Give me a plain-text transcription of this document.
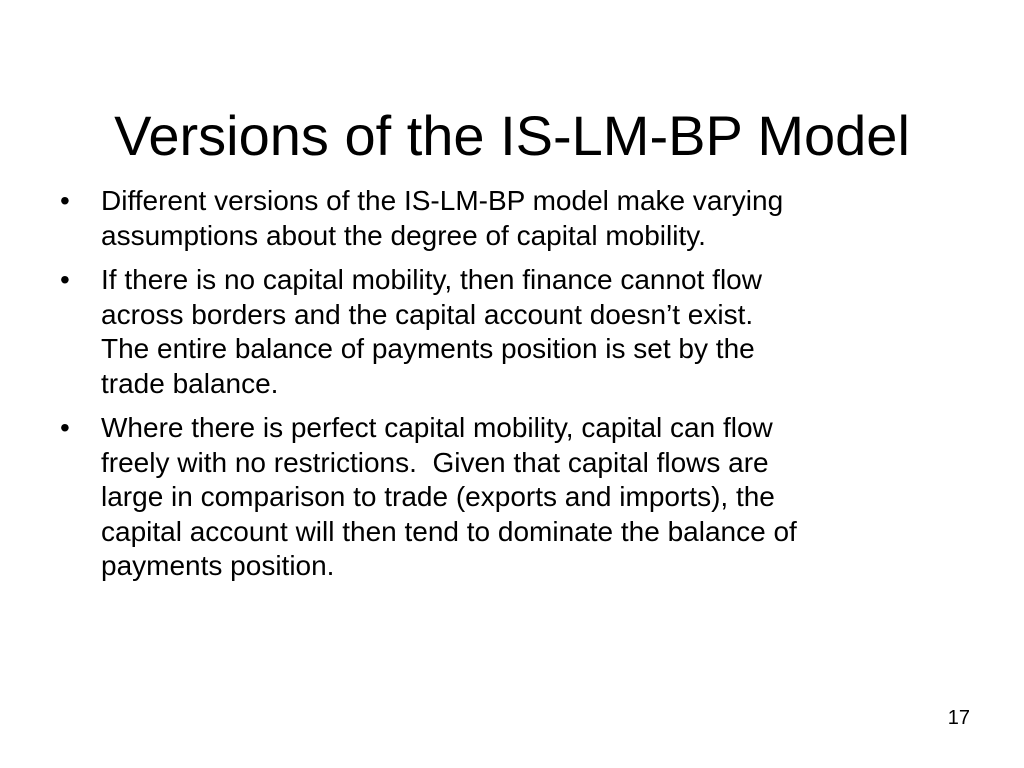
Versions of the IS-LM-BP Model
•	Different versions of the IS-LM-BP model make varying
assumptions about the degree of capital mobility.
•	If there is no capital mobility, then finance cannot flow
across borders and the capital account doesn’t exist.
The entire balance of payments position is set by the
trade balance.
•	Where there is perfect capital mobility, capital can flow
freely with no restrictions.  Given that capital flows are
large in comparison to trade (exports and imports), the
capital account will then tend to dominate the balance of
payments position.
17
